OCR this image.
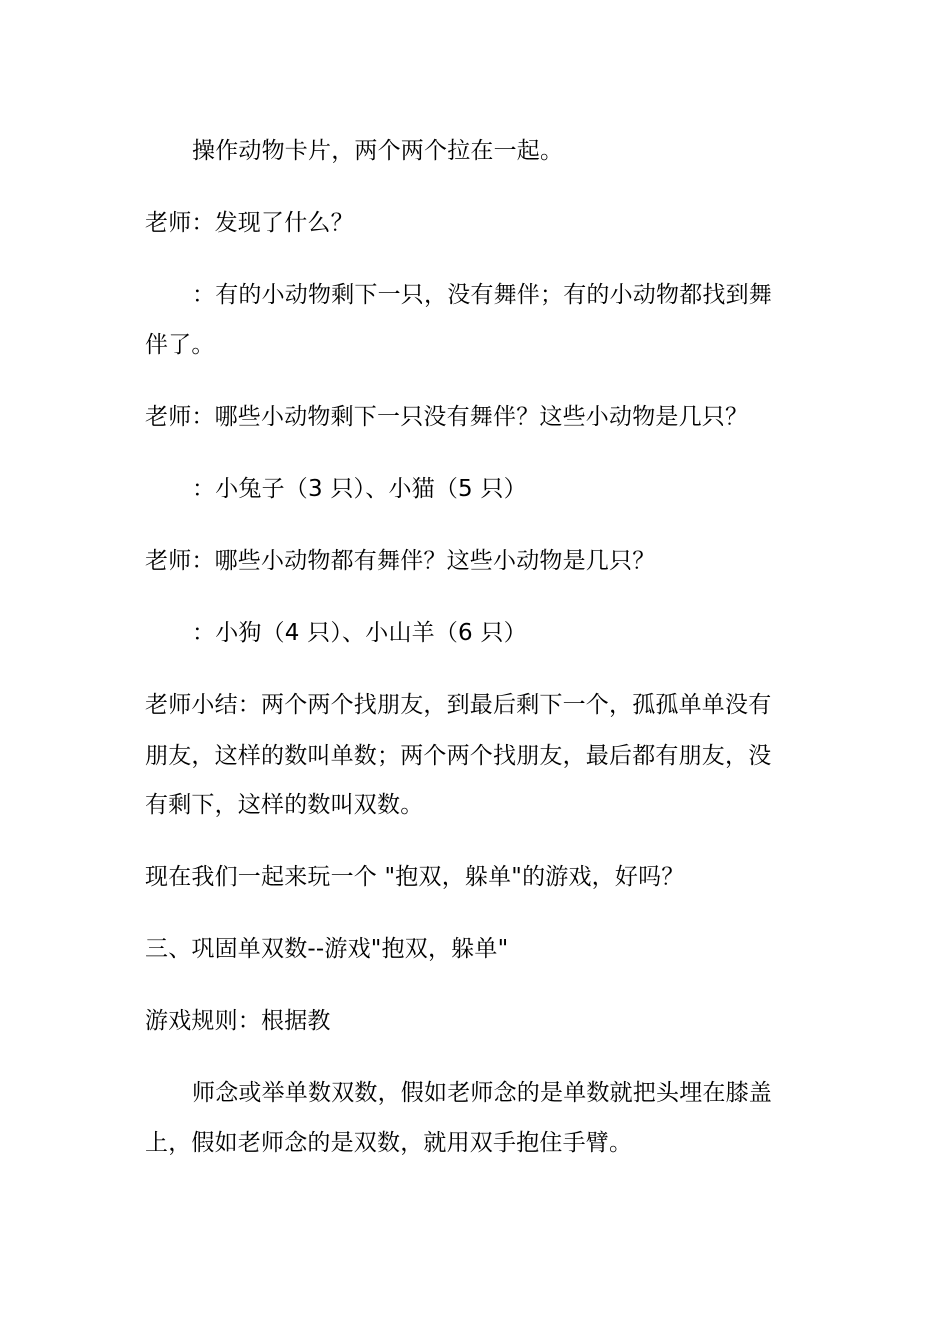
操作动物卡片，两个两个拉在一起。
老师：发现了什么？
：有的小动物剩下一只，没有舞伴；有的小动物都找到舞
伴了。
老师：哪些小动物剩下一只没有舞伴？这些小动物是几只？
：小兔子（3 只）、小猫（5 只）
老师：哪些小动物都有舞伴？这些小动物是几只？
：小狗（4 只）、小山羊（6 只）
老师小结：两个两个找朋友，到最后剩下一个，孤孤单单没有
朋友，这样的数叫单数；两个两个找朋友，最后都有朋友，没
有剩下，这样的数叫双数。
现在我们一起来玩一个 "抱双，躲单"的游戏，好吗？
三、巩固单双数--游戏"抱双，躲单"
游戏规则：根据教
师念或举单数双数，假如老师念的是单数就把头埋在膝盖
上，假如老师念的是双数，就用双手抱住手臂。
